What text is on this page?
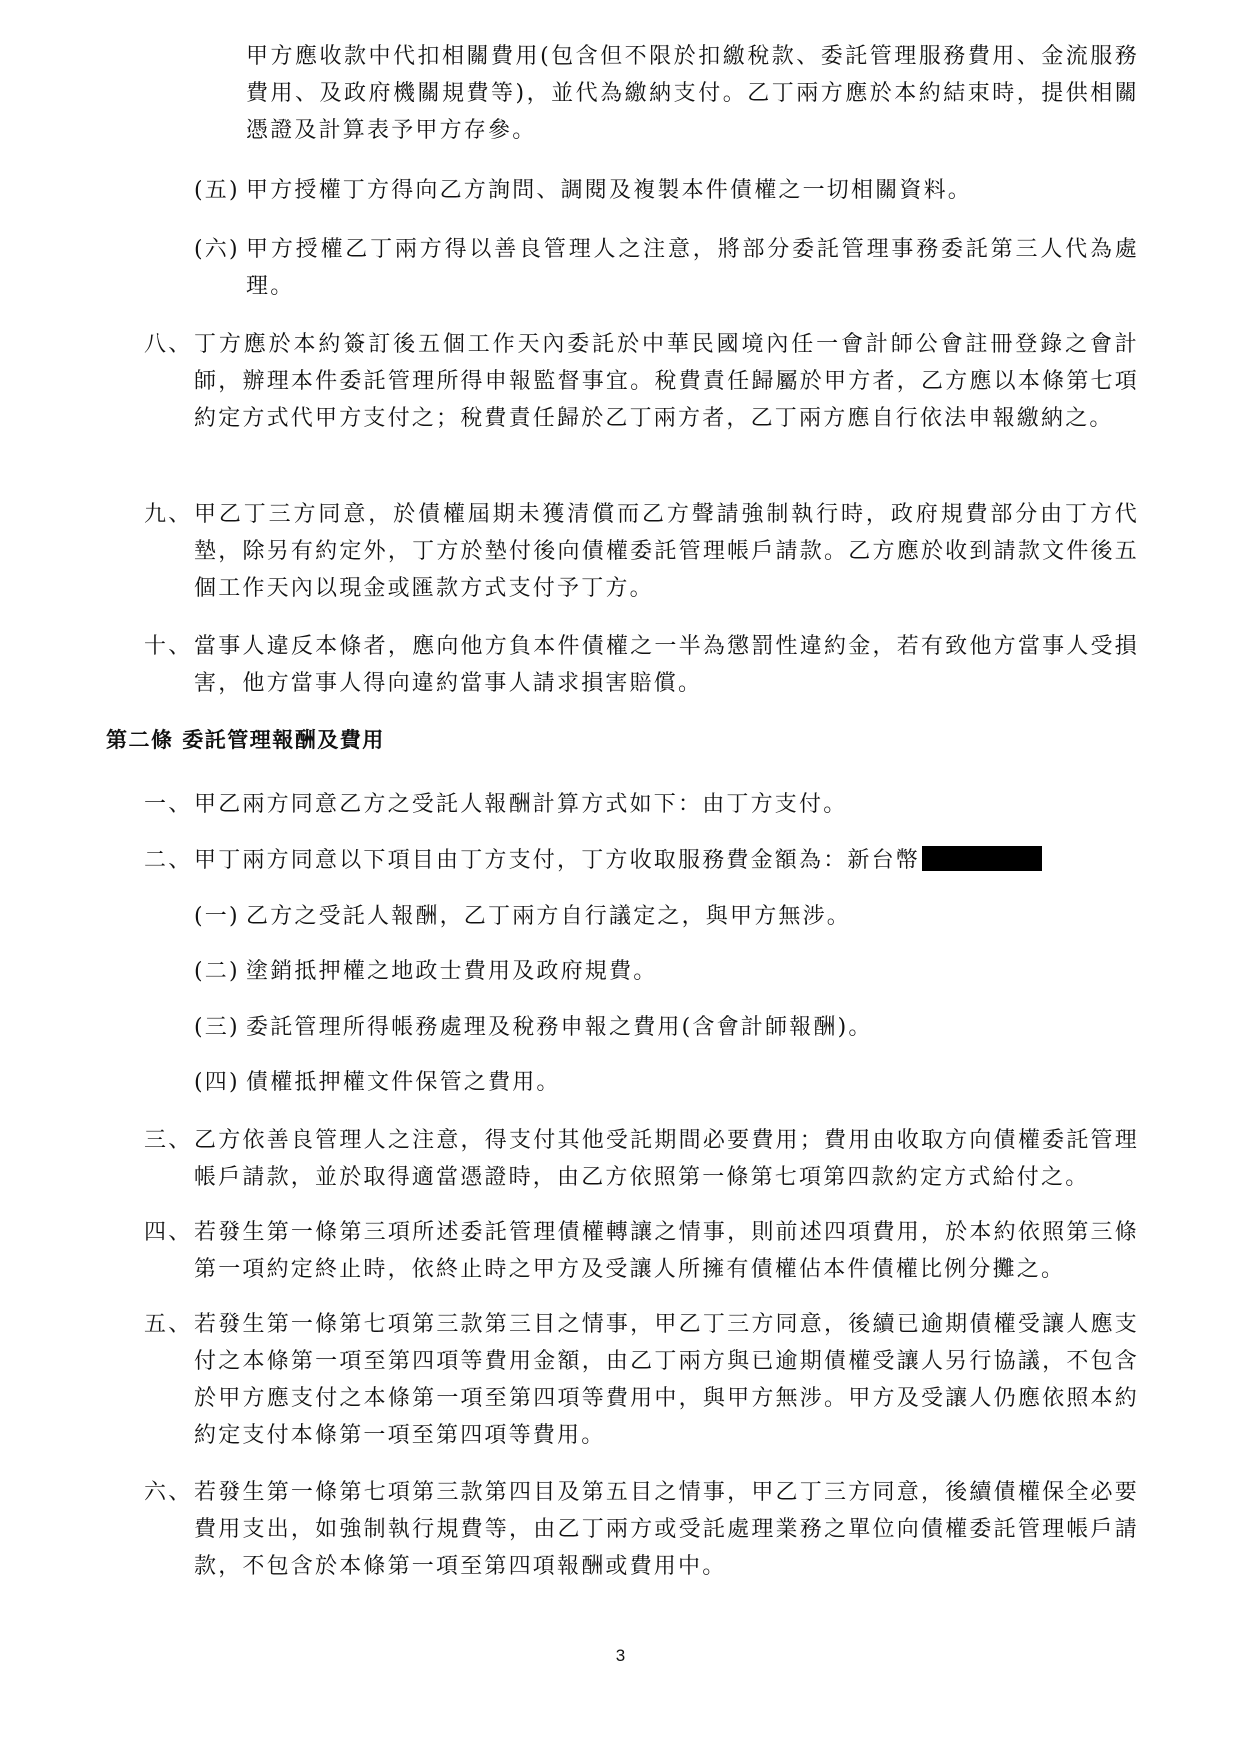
甲方應收款中代扣相關費用(包含但不限於扣繳稅款、委託管理服務費用、金流服務費用、及政府機關規費等)，並代為繳納支付。乙丁兩方應於本約結束時，提供相關憑證及計算表予甲方存參。

(五) 甲方授權丁方得向乙方詢問、調閱及複製本件債權之一切相關資料。

(六) 甲方授權乙丁兩方得以善良管理人之注意，將部分委託管理事務委託第三人代為處理。

八、 丁方應於本約簽訂後五個工作天內委託於中華民國境內任一會計師公會註冊登錄之會計師，辦理本件委託管理所得申報監督事宜。稅費責任歸屬於甲方者，乙方應以本條第七項約定方式代甲方支付之；稅費責任歸於乙丁兩方者，乙丁兩方應自行依法申報繳納之。

九、 甲乙丁三方同意，於債權屆期未獲清償而乙方聲請強制執行時，政府規費部分由丁方代墊，除另有約定外，丁方於墊付後向債權委託管理帳戶請款。乙方應於收到請款文件後五個工作天內以現金或匯款方式支付予丁方。

十、 當事人違反本條者，應向他方負本件債權之一半為懲罰性違約金，若有致他方當事人受損害，他方當事人得向違約當事人請求損害賠償。

第二條 委託管理報酬及費用

一、 甲乙兩方同意乙方之受託人報酬計算方式如下：由丁方支付。

二、 甲丁兩方同意以下項目由丁方支付，丁方收取服務費金額為：新台幣

(一) 乙方之受託人報酬，乙丁兩方自行議定之，與甲方無涉。

(二) 塗銷抵押權之地政士費用及政府規費。

(三) 委託管理所得帳務處理及稅務申報之費用(含會計師報酬)。

(四) 債權抵押權文件保管之費用。

三、 乙方依善良管理人之注意，得支付其他受託期間必要費用；費用由收取方向債權委託管理帳戶請款，並於取得適當憑證時，由乙方依照第一條第七項第四款約定方式給付之。

四、 若發生第一條第三項所述委託管理債權轉讓之情事，則前述四項費用，於本約依照第三條第一項約定終止時，依終止時之甲方及受讓人所擁有債權佔本件債權比例分攤之。

五、 若發生第一條第七項第三款第三目之情事，甲乙丁三方同意，後續已逾期債權受讓人應支付之本條第一項至第四項等費用金額，由乙丁兩方與已逾期債權受讓人另行協議，不包含於甲方應支付之本條第一項至第四項等費用中，與甲方無涉。甲方及受讓人仍應依照本約約定支付本條第一項至第四項等費用。

六、 若發生第一條第七項第三款第四目及第五目之情事，甲乙丁三方同意，後續債權保全必要費用支出，如強制執行規費等，由乙丁兩方或受託處理業務之單位向債權委託管理帳戶請款，不包含於本條第一項至第四項報酬或費用中。

3
